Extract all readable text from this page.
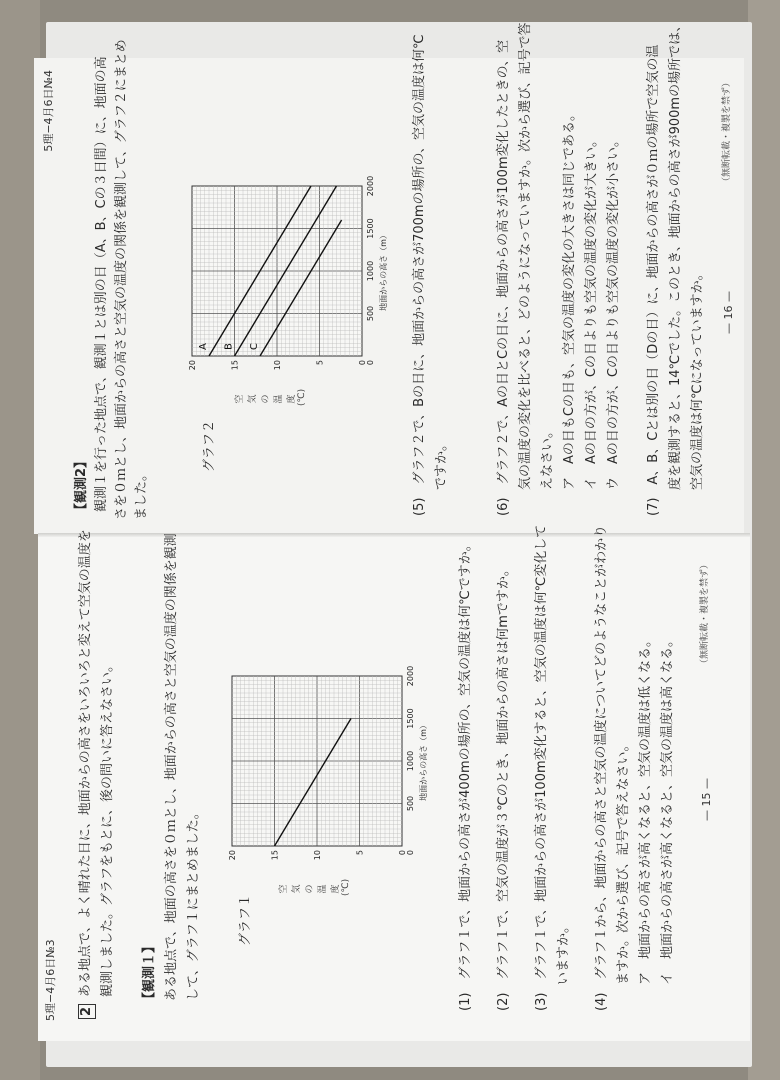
5理−4月6日№4
【観測2】 観測１を行った地点で、観測１とは別の日（A、B、Cの３日間）に、地面の高 さを０ｍとし、地面からの高さと空気の温度の関係を観測して、グラフ２にまとめ ました。
グラフ２
空 気 の 温 度 (℃)
20	15	10	5	0
500
1000
1500
2000
0
地面からの高さ（m）
A B C	(5)　グラフ２で、Bの日に、地面からの高さが700mの場所の、空気の温度は何℃ ですか。	(6)　グラフ２で、Aの日とCの日に、地面からの高さが100m変化したときの、空 気の温度の変化を比べると、どのようになっていますか。次から選び、記号で答 えなさい。 ア　Aの日もCの日も、空気の温度の変化の大きさは同じである。 イ　Aの日の方が、Cの日よりも空気の温度の変化が大きい。 ウ　Aの日の方が、Cの日よりも空気の温度の変化が小さい。 (7)　A、B、Cとは別の日（Dの日）に、地面からの高さが０ｍの場所で空気の温 度を観測すると、14℃でした。このとき、地面からの高さが900mの場所では、 空気の温度は何℃になっていますか。 — 16 —
（無断転載・複製を禁ず）
5理−4月6日№3 2
ある地点で、よく晴れた日に、地面からの高さをいろいろと変えて空気の温度を 観測しました。グラフをもとに、後の問いに答えなさい。 【観測１】 ある地点で、地面の高さを０ｍとし、地面からの高さと空気の温度の関係を観測 して、グラフ１にまとめました。	グラフ１
空 気 の 温 度 (℃)
20	15	10	5	0
500
1000
1500
2000
0
地面からの高さ（m） (1)　グラフ１で、地面からの高さが400mの場所の、空気の温度は何℃ですか。 (2)　グラフ１で、空気の温度が３℃のとき、地面からの高さは何mですか。 (3)　グラフ１で、地面からの高さが100m変化すると、空気の温度は何℃変化して いますか。 (4)　グラフ１から、地面からの高さと空気の温度についてどのようなことがわかり ますか。次から選び、記号で答えなさい。 ア　地面からの高さが高くなると、空気の温度は低くなる。 イ　地面からの高さが高くなると、空気の温度は高くなる。 — 15 —
（無断転載・複製を禁ず）
